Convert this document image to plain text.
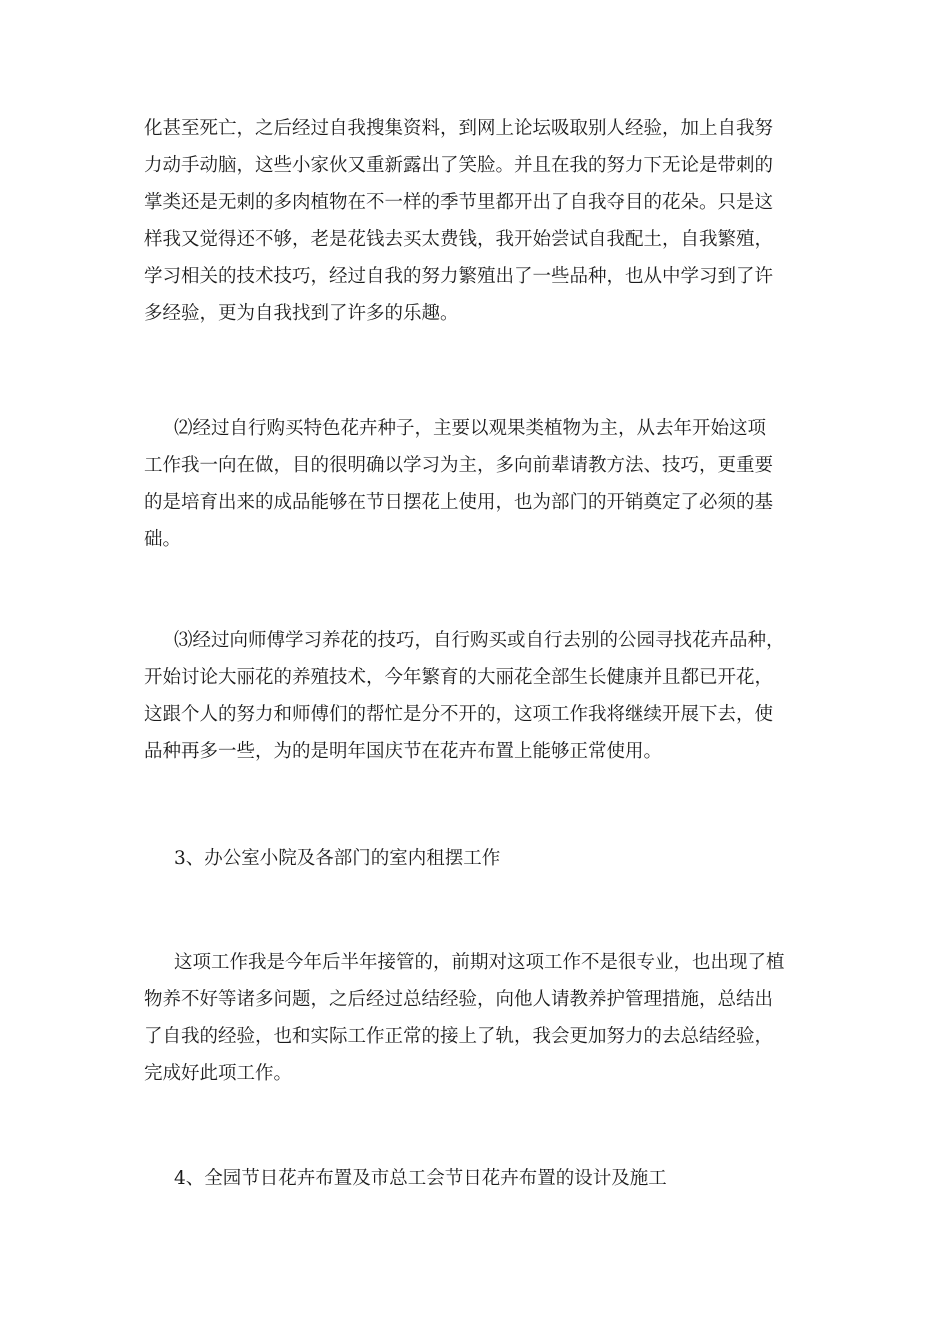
化甚至死亡，之后经过自我搜集资料，到网上论坛吸取别人经验，加上自我努
力动手动脑，这些小家伙又重新露出了笑脸。并且在我的努力下无论是带刺的
掌类还是无刺的多肉植物在不一样的季节里都开出了自我夺目的花朵。只是这
样我又觉得还不够，老是花钱去买太费钱，我开始尝试自我配土，自我繁殖，
学习相关的技术技巧，经过自我的努力繁殖出了一些品种，也从中学习到了许
多经验，更为自我找到了许多的乐趣。

⑵经过自行购买特色花卉种子，主要以观果类植物为主，从去年开始这项
工作我一向在做，目的很明确以学习为主，多向前辈请教方法、技巧，更重要
的是培育出来的成品能够在节日摆花上使用，也为部门的开销奠定了必须的基
础。

⑶经过向师傅学习养花的技巧，自行购买或自行去别的公园寻找花卉品种，
开始讨论大丽花的养殖技术，今年繁育的大丽花全部生长健康并且都已开花，
这跟个人的努力和师傅们的帮忙是分不开的，这项工作我将继续开展下去，使
品种再多一些，为的是明年国庆节在花卉布置上能够正常使用。

3、办公室小院及各部门的室内租摆工作

这项工作我是今年后半年接管的，前期对这项工作不是很专业，也出现了植
物养不好等诸多问题，之后经过总结经验，向他人请教养护管理措施，总结出
了自我的经验，也和实际工作正常的接上了轨，我会更加努力的去总结经验，
完成好此项工作。

4、全园节日花卉布置及市总工会节日花卉布置的设计及施工
